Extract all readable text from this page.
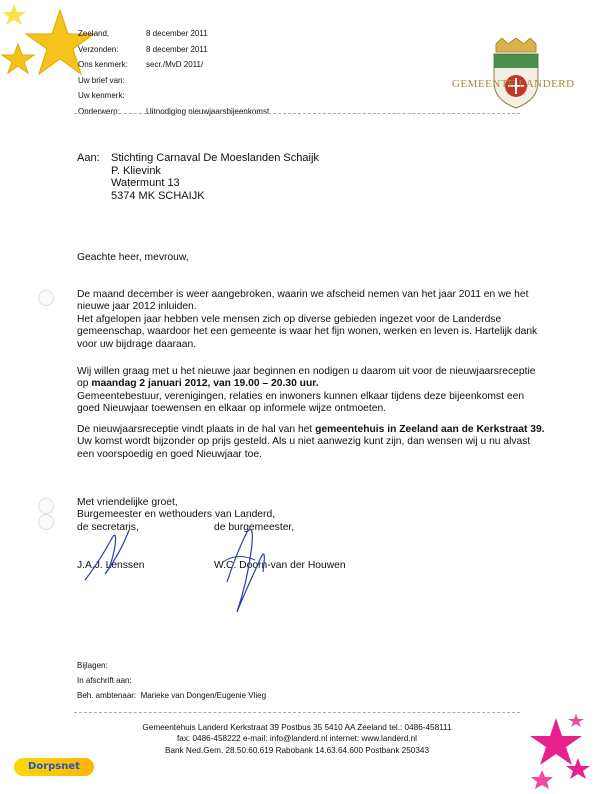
Zeeland,	8 december 2011
Verzonden:	8 december 2011
Ons kenmerk:	secr./MvD 2011/
Uw brief van:
Uw kenmerk:
Onderwerp:	Uitnodiging nieuwjaarsbijeenkomst
GEMEENTE LANDERD
Aan: Stichting Carnaval De Moeslanden Schaijk
P. Klievink
Watermunt 13
5374 MK SCHAIJK
Geachte heer, mevrouw,

De maand december is weer aangebroken, waarin we afscheid nemen van het jaar 2011 en we het nieuwe jaar 2012 inluiden.

Het afgelopen jaar hebben vele mensen zich op diverse gebieden ingezet voor de Landerdse gemeenschap, waardoor het een gemeente is waar het fijn wonen, werken en leven is. Hartelijk dank voor uw bijdrage daaraan.

Wij willen graag met u het nieuwe jaar beginnen en nodigen u daarom uit voor de nieuwjaarsreceptie op maandag 2 januari 2012, van 19.00 – 20.30 uur.

Gemeentebestuur, verenigingen, relaties en inwoners kunnen elkaar tijdens deze bijeenkomst een goed Nieuwjaar toewensen en elkaar op informele wijze ontmoeten.

De nieuwjaarsreceptie vindt plaats in de hal van het gemeentehuis in Zeeland aan de Kerkstraat 39.

Uw komst wordt bijzonder op prijs gesteld. Als u niet aanwezig kunt zijn, dan wensen wij u nu alvast een voorspoedig en goed Nieuwjaar toe.

Met vriendelijke groet,
Burgemeester en wethouders van Landerd,
de secretaris,	de burgemeester,
J.A.J. Lenssen	W.C. Doorn-van der Houwen
Bijlagen:
In afschrift aan:
Beh. ambtenaar: Marieke van Dongen/Eugenie Vlieg
Gemeentehuis Landerd Kerkstraat 39 Postbus 35 5410 AA Zeeland tel.: 0486-458111
fax: 0486-458222 e-mail: info@landerd.nl internet: www.landerd.nl
Bank Ned.Gem. 28.50.60.619 Rabobank 14.63.64.600 Postbank 250343
Dorpsnet
